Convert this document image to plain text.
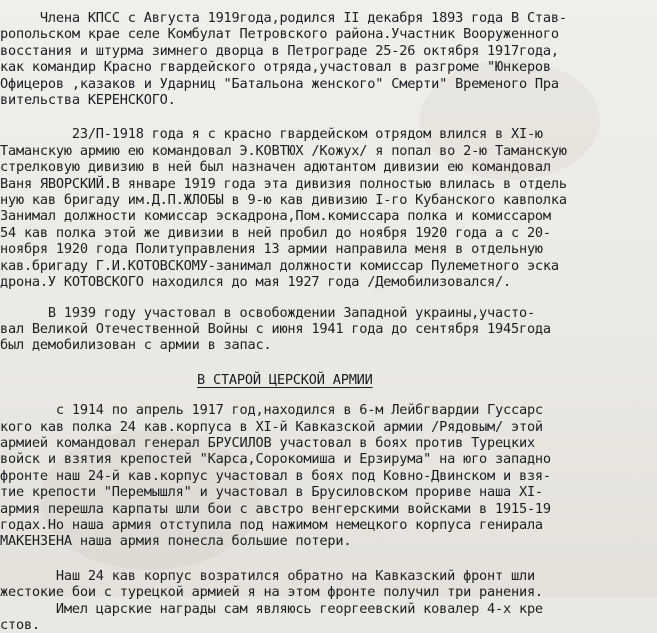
Члена КПСС с Августа 1919года,родился II декабря 1893 года В Став-
ропольском крае селе Комбулат Петровского района.Участник Вооруженного
восстания и штурма зимнего дворца в Петрограде 25-26 октября 1917года,
как командир Красно гвардейского отряда,участовал в разгроме "Юнкеров
Офицеров ,казаков и Ударниц "Батальона женского" Смерти" Временого Пра
вительства КЕРЕНСКОГО.
23/П-1918 года я с красно гвардейском отрядом влился в XI-ю
Таманскую армию ею командовал Э.КОВТЮХ /Кожух/ я попал во 2-ю Таманскую
стрелковую дивизию в ней был назначен адютантом дивизии ею командовал
Ваня ЯВОРСКИЙ.В январе 1919 года эта дивизия полностью влилась в отдель
ную кав бригаду им.Д.П.ЖЛОБЫ в 9-ю кав дивизию I-го Кубанского кавполка
Занимал должности комиссар эскадрона,Пом.комиссара полка и комиссаром
54 кав полка этой же дивизии в ней пробил до ноября 1920 года а с 20-
ноября 1920 года Политуправления 13 армии направила меня в отдельную
кав.бригаду Г.И.КОТОВСКОМУ-занимал должности комиссар Пулеметного эска
дрона.У КОТОВСКОГО находился до мая 1927 года /Демобилизовался/.
В 1939 году участовал в освобождении Западной украины,участо-
вал Великой Отечественной Войны с июня 1941 года до сентября 1945года
был демобилизован с армии в запас.
В СТАРОЙ ЦЕРСКОЙ АРМИИ
с 1914 по апрель 1917 год,находился в 6-м Лейбгвардии Гуссарс
кого кав полка 24 кав.корпуса в XI-й Кавказской армии /Рядовым/ этой
армией командовал генерал БРУСИЛОВ участовал в боях против Турецких
войск и взятия крепостей "Карса,Сорокомиша и Ерзирума" на юго западно
фронте наш 24-й кав.корпус участовал в боях под Ковно-Двинском и взя-
тие крепости "Перемышля" и участовал в Брусиловском прориве наша XI-
армия перешла карпаты шли бои с австро венгерскими войсками в 1915-19
годах.Но наша армия отступила под нажимом немецкого корпуса генирала
МАКЕНЗЕНА наша армия понесла большие потери.
Наш 24 кав корпус возратился обратно на Кавказский фронт шли
жестокие бои с турецкой армией я на этом фронте получил три ранения.
Имел царские награды сам являюсь георгеевский ковалер 4-х кре
стов.
